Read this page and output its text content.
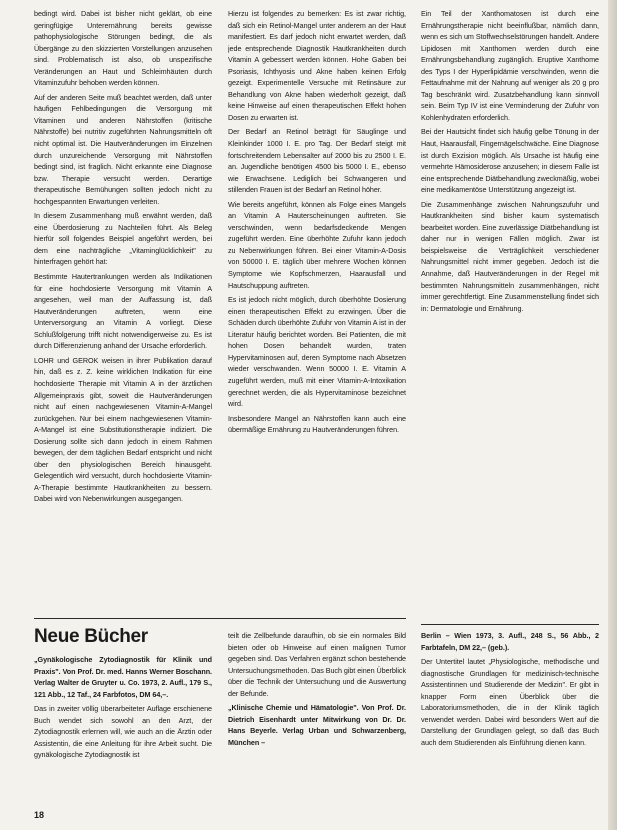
bedingt wird. Dabei ist bisher nicht geklärt, ob eine geringfügige Unterernährung bereits gewisse pathophysiologische Störungen bedingt, die als Übergänge zu den skizzierten Vorstellungen anzusehen sind. Problematisch ist also, ob unspezifische Veränderungen an Haut und Schleimhäuten durch Vitaminzufuhr behoben werden können.

Auf der anderen Seite muß beachtet werden, daß unter häufigen Fehlbedingungen die Versorgung mit Vitaminen und anderen Nährstoffen (kritische Nährstoffe) bei nutritiv zugeführten Nahrungsmitteln oft nicht optimal ist. Die Hautveränderungen im Einzelnen durch unzureichende Versorgung mit Nährstoffen bedingt sind, ist fraglich. Nicht erkannte eine Diagnose bzw. Therapie versucht werden. Derartige therapeutische Bemühungen sollten jedoch nicht zu hochgespannten Erwartungen verleiten.

In diesem Zusammenhang muß erwähnt werden, daß eine Überdosierung zu Nachteilen führt. Als Beleg hierfür soll folgendes Beispiel angeführt werden, bei dem eine nachträgliche „Vitaminglücklichkeit" zu hinterfragen gehört hat:

Bestimmte Hautertrankungen werden als Indikationen für eine hochdosierte Versorgung mit Vitamin A angesehen, weil man der Auffassung ist, daß Hautveränderungen auftreten, wenn eine Unterversorgung an Vitamin A vorliegt. Diese Schlußfolgerung trifft nicht notwendigerweise zu. Es ist durch Differenzierung anhand der Ursache erforderlich.

LOHR und GEROK weisen in ihrer Publikation darauf hin, daß es z. Z. keine wirklichen Indikation für eine hochdosierte Therapie mit Vitamin A in der ärztlichen Allgemeinpraxis gibt, soweit die Hautveränderungen nicht auf einen nachgewiesenen Vitamin-A-Mangel zurückgehen. Nur bei einem nachgewiesenen Vitamin-A-Mangel ist eine Substitutionstherapie indiziert. Die Dosierung sollte sich dann jedoch in einem Rahmen bewegen, der dem täglichen Bedarf entspricht und nicht über den physiologischen Bereich hinausgeht. Gelegentlich wird versucht, durch hochdosierte Vitamin-A-Therapie bestimmte Hautkrankheiten zu bessern. Dabei wird von Nebenwirkungen ausgegangen.

Hierzu ist folgendes zu bemerken: Es ist zwar richtig, daß sich ein Retinol-Mangel unter anderem an der Haut manifestiert. Es darf jedoch nicht erwartet werden, daß jede entsprechende Diagnostik Hautkrankheiten durch Vitamin A gebessert werden können. Hohe Gaben bei Psoriasis, Ichthyosis und Akne haben keinen Erfolg gezeigt. Experimentelle Versuche mit Retinsäure zur Behandlung von Akne haben wiederholt gezeigt, daß keine Hinweise auf einen therapeutischen Effekt hohen Dosen zu erwarten ist.

Der Bedarf an Retinol beträgt für Säuglinge und Kleinkinder 1000 I. E. pro Tag. Der Bedarf steigt mit fortschreitendem Lebensalter auf 2000 bis zu 2500 I. E. an. Jugendliche benötigen 4500 bis 5000 I. E., ebenso wie Erwachsene. Lediglich bei Schwangeren und stillenden Frauen ist der Bedarf an Retinol höher.

Wie bereits angeführt, können als Folge eines Mangels an Vitamin A Hauterscheinungen auftreten. Sie verschwinden, wenn bedarfsdeckende Mengen zugeführt werden. Eine überhöhte Zufuhr kann jedoch zu Nebenwirkungen führen. Bei einer Vitamin-A-Dosis von 50000 I. E. täglich über mehrere Wochen können Symptome wie Kopfschmerzen, Haarausfall und Hautschuppung auftreten.

Es ist jedoch nicht möglich, durch überhöhte Dosierung einen therapeutischen Effekt zu erzwingen. Über die Schäden durch überhöhte Zufuhr von Vitamin A ist in der Literatur häufig berichtet worden. Bei Patienten, die mit hohen Dosen behandelt wurden, traten Hypervitaminosen auf, deren Symptome nach Absetzen wieder verschwanden. Wenn 50000 I. E. Vitamin A zugeführt werden, muß mit einer Vitamin-A-Intoxikation gerechnet werden, die als Hypervitaminose bezeichnet wird.

Insbesondere Mangel an Nährstoffen kann auch eine übermäßige Ernährung zu Hautveränderungen führen.

Ein Teil der Xanthomatosen ist durch eine Ernährungstherapie nicht beeinflußbar, nämlich dann, wenn es sich um Stoffwechselstörungen handelt. Andere Lipidosen mit Xanthomen werden durch eine Ernährungsbehandlung zugänglich. Eruptive Xanthome des Typs I der Hyperlipidämie verschwinden, wenn die Fettaufnahme mit der Nahrung auf weniger als 20 g pro Tag beschränkt wird. Zusatzbehandlung kann sinnvoll sein. Beim Typ IV ist eine Verminderung der Zufuhr von Kohlenhydraten erforderlich.

Bei der Hautsicht findet sich häufig gelbe Tönung in der Haut, Haarausfall, Fingernägelschwäche. Eine Diagnose ist durch Exzision möglich. Als Ursache ist häufig eine vermehrte Hämosiderose anzusehen; in diesem Falle ist eine entsprechende Diätbehandlung zweckmäßig, wobei eine medikamentöse Unterstützung angezeigt ist.

Die Zusammenhänge zwischen Nahrungszufuhr und Hautkrankheiten sind bisher kaum systematisch bearbeitet worden. Eine zuverlässige Diätbehandlung ist daher nur in wenigen Fällen möglich. Zwar ist beispielsweise die Verträglichkeit verschiedener Nahrungsmittel nicht immer gegeben. Jedoch ist die Annahme, daß Hautveränderungen in der Regel mit bestimmten Nahrungsmitteln zusammenhängen, nicht immer gerechtfertigt. Eine Zusammenstellung findet sich in: Dermatologie und Ernährung.

Neue Bücher

„Gynäkologische Zytodiagnostik für Klinik und Praxis". Von Prof. Dr. med. Hanns Werner Boschann. Verlag Walter de Gruyter u. Co. 1973, 2. Aufl., 179 S., 121 Abb., 12 Taf., 24 Farbfotos, DM 64,–.

Das in zweiter völlig überarbeiteter Auflage erschienene Buch wendet sich sowohl an den Arzt, der Zytodiagnostik erlernen will, wie auch an die Ärztin oder Assistentin, die eine Anleitung für ihre Arbeit sucht. Die gynäkologische Zytodiagnostik ist

teilt die Zellbefunde daraufhin, ob sie ein normales Bild bieten oder ob Hinweise auf einen malignen Tumor gegeben sind. Das Verfahren ergänzt schon bestehende Untersuchungsmethoden. Das Buch gibt einen Überblick über die Technik der Untersuchung und die Auswertung der Befunde.

„Klinische Chemie und Hämatologie". Von Prof. Dr. Dietrich Eisenhardt unter Mitwirkung von Dr. Dr. Hans Beyerle. Verlag Urban und Schwarzenberg, München –

Berlin – Wien 1973, 3. Aufl., 248 S., 56 Abb., 2 Farbtafeln, DM 22,– (geb.).

Der Untertitel lautet „Physiologische, methodische und diagnostische Grundlagen für medizinisch-technische Assistentinnen und Studierende der Medizin". Er gibt in knapper Form einen Überblick über die Laboratoriumsmethoden, die in der Klinik täglich verwendet werden. Dabei wird besonders Wert auf die Darstellung der Grundlagen gelegt, so daß das Buch auch dem Studierenden als Einführung dienen kann.

18
